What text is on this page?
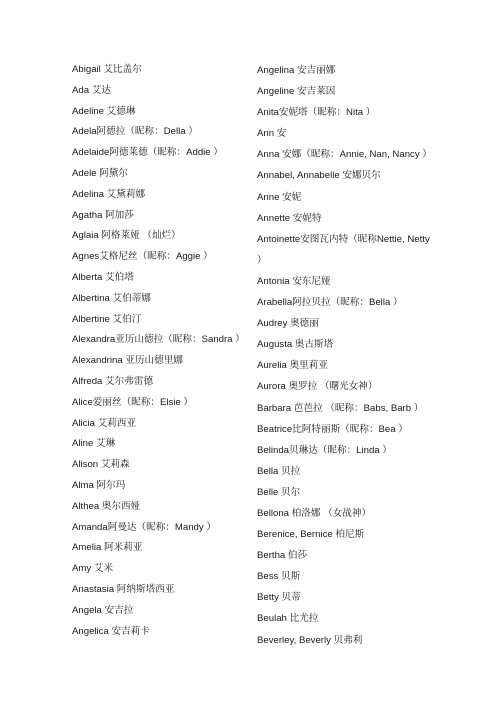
Abigail 艾比盖尔
Ada 艾达
Adeline 艾德琳
Adela阿德拉（昵称：Della ）
Adelaide阿德莱德（昵称：Addie ）
Adele 阿黛尔
Adelina 艾黛莉娜
Agatha 阿加莎
Aglaia 阿格莱娅 （灿烂）
Agnes艾格尼丝（昵称：Aggie ）
Alberta 艾伯塔
Albertina 艾伯蒂娜
Albertine 艾伯汀
Alexandra亚历山德拉（昵称：Sandra ）
Alexandrina 亚历山德里娜
Alfreda 艾尔弗雷德
Alice爱丽丝（昵称：Elsie ）
Alicia 艾莉西亚
Aline 艾琳
Alison 艾莉森
Alma 阿尔玛
Althea 奥尔西娅
Amanda阿曼达（昵称：Mandy ）
Amelia 阿米莉亚
Amy 艾米
Anastasia 阿纳斯塔西亚
Angela 安吉拉
Angelica 安吉莉卡
Angelina 安吉丽娜
Angeline 安吉莱因
Anita安妮塔（昵称：Nita ）
Ann 安
Anna 安娜（昵称：Annie, Nan, Nancy ）
Annabel, Annabelle 安娜贝尔
Anne 安妮
Annette 安妮特
Antoinette安图瓦内特（昵称Nettie, Netty ）
Antonia 安东尼娅
Arabella阿拉贝拉（昵称：Bella ）
Audrey 奥德丽
Augusta 奥古斯塔
Aurelia 奥里莉亚
Aurora 奥罗拉 （曙光女神）
Barbara 芭芭拉 （昵称：Babs, Barb ）
Beatrice比阿特丽斯（昵称：Bea ）
Belinda贝琳达（昵称：Linda ）
Bella 贝拉
Belle 贝尔
Bellona 柏洛娜 （女战神）
Berenice, Bernice 柏尼斯
Bertha 伯莎
Bess 贝斯
Betty 贝蒂
Beulah 比尤拉
Beverley, Beverly 贝弗利
